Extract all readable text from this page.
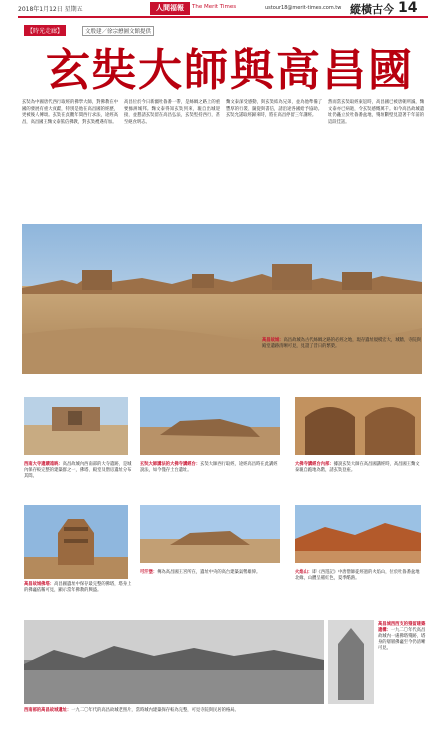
2018年1月12日 星期五	人間福報	The Merit Times	ustour18@merit-times.com.tw 縱橫古今 14
【時光走廊】	文殷建／徐宗懋圖文館提供
玄奘大師與高昌國
玄奘為中國唐代西行取經的佛學大師，對佛教在中國的發展有重大貢獻，特別是他在高昌國的經歷，更被後人傳頌。玄奘在貞觀年間西行求法，途經高昌，高昌國王麴文泰篤信佛教，對玄奘禮遇有加。
高昌位於今日新疆吐魯番一帶，是絲綢之路上的重要綠洲城邦。麴文泰得知玄奘到來，親自出城迎接，並懇請玄奘留在高昌弘法，玄奘堅持西行，甚至絕食明志。
麴文泰深受感動，與玄奘結為兄弟，並為他準備了豐厚的行裝、隨從與書信，請沿途各國給予協助。玄奘允諾取經歸來時，將在高昌停留三年講經。
然而當玄奘取經東返時，高昌國已被唐朝所滅，麴文泰亦已病逝，令玄奘感慨萬千。如今高昌故城遺址仍矗立於吐魯番盆地，殘垣斷壁見證著千年前的這段佳話。
高昌故城：高昌故城為古代絲綢之路的必經之地，現存遺址規模宏大，城牆、寺院與殿堂遺跡清晰可見，見證了昔日的繁榮。
西南大寺遺蹟遠眺：高昌故城內西南部的大寺遺跡，是城內保存較完整的建築群之一，佛塔、殿堂及僧房遺址分布其間。
玄奘大師講法的大佛寺講經台：玄奘大師西行取經，途經高昌時在此講經說法，如今僅存土台遺址。
大佛寺講經台內部：據說玄奘大師在高昌國講經時，高昌國王麴文泰親自跪地為階，請玄奘登座。
高昌故城佛塔：高昌國遺址中保存最完整的佛塔，塔身上的佛龕依稀可見，顯示當年佛教的興盛。
可汗堡：傳為高昌國王宮所在，遺址中央的高台建築氣勢雄偉。	火焰山：即《西遊記》中唐僧師徒經過的火焰山，位於吐魯番盆地北緣，山體呈赭紅色，夏季酷熱。
西南部的高昌故城遺址：一九二〇年代的高昌故城老照片，當時城內建築保存較為完整，可見寺院與民居的格局。
高昌城西西支的殘留建築遺構：一九二〇年代高昌故城內一處佛塔殘跡，塔身的層層佛龕至今仍清晰可見。
